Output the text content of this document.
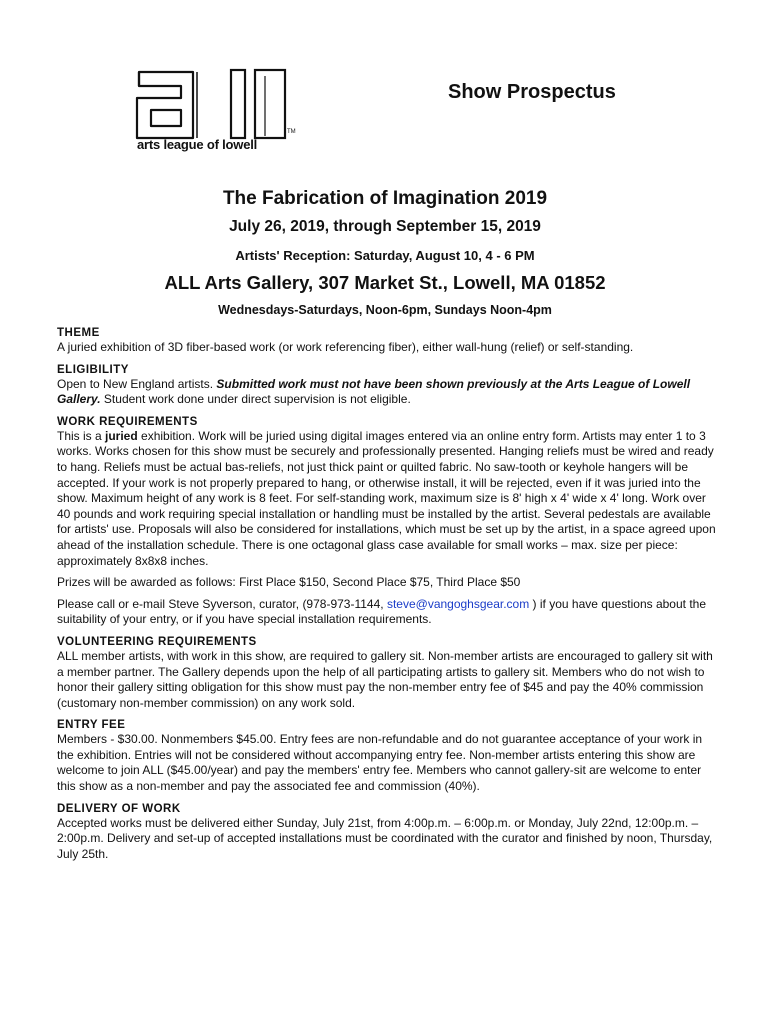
TM
arts league of lowell
Show Prospectus
The Fabrication of Imagination 2019
July 26, 2019, through September 15, 2019
Artists' Reception: Saturday, August 10, 4 - 6 PM
ALL Arts Gallery, 307 Market St., Lowell, MA 01852
Wednesdays-Saturdays, Noon-6pm, Sundays Noon-4pm
THEME

A juried exhibition of 3D fiber-based work (or work referencing fiber), either wall-hung (relief) or self-standing.

ELIGIBILITY

Open to New England artists. Submitted work must not have been shown previously at the Arts League of Lowell Gallery. Student work done under direct supervision is not eligible.

WORK REQUIREMENTS

This is a juried exhibition. Work will be juried using digital images entered via an online entry form. Artists may enter 1 to 3 works. Works chosen for this show must be securely and professionally presented. Hanging reliefs must be wired and ready to hang. Reliefs must be actual bas-reliefs, not just thick paint or quilted fabric. No saw-tooth or keyhole hangers will be accepted. If your work is not properly prepared to hang, or otherwise install, it will be rejected, even if it was juried into the show. Maximum height of any work is 8 feet. For self-standing work, maximum size is 8' high x 4' wide x 4' long. Work over 40 pounds and work requiring special installation or handling must be installed by the artist. Several pedestals are available for artists' use. Proposals will also be considered for installations, which must be set up by the artist, in a space agreed upon ahead of the installation schedule. There is one octagonal glass case available for small works – max. size per piece: approximately 8x8x8 inches.

Prizes will be awarded as follows: First Place $150, Second Place $75, Third Place $50

Please call or e-mail Steve Syverson, curator, (978-973-1144, steve@vangoghsgear.com ) if you have questions about the suitability of your entry, or if you have special installation requirements.

VOLUNTEERING REQUIREMENTS

ALL member artists, with work in this show, are required to gallery sit. Non-member artists are encouraged to gallery sit with a member partner. The Gallery depends upon the help of all participating artists to gallery sit. Members who do not wish to honor their gallery sitting obligation for this show must pay the non-member entry fee of $45 and pay the 40% commission (customary non-member commission) on any work sold.

ENTRY FEE

Members - $30.00. Nonmembers $45.00. Entry fees are non-refundable and do not guarantee acceptance of your work in the exhibition. Entries will not be considered without accompanying entry fee. Non-member artists entering this show are welcome to join ALL ($45.00/year) and pay the members' entry fee. Members who cannot gallery-sit are welcome to enter this show as a non-member and pay the associated fee and commission (40%).

DELIVERY OF WORK

Accepted works must be delivered either Sunday, July 21st, from 4:00p.m. – 6:00p.m. or Monday, July 22nd, 12:00p.m. – 2:00p.m. Delivery and set-up of accepted installations must be coordinated with the curator and finished by noon, Thursday, July 25th.
